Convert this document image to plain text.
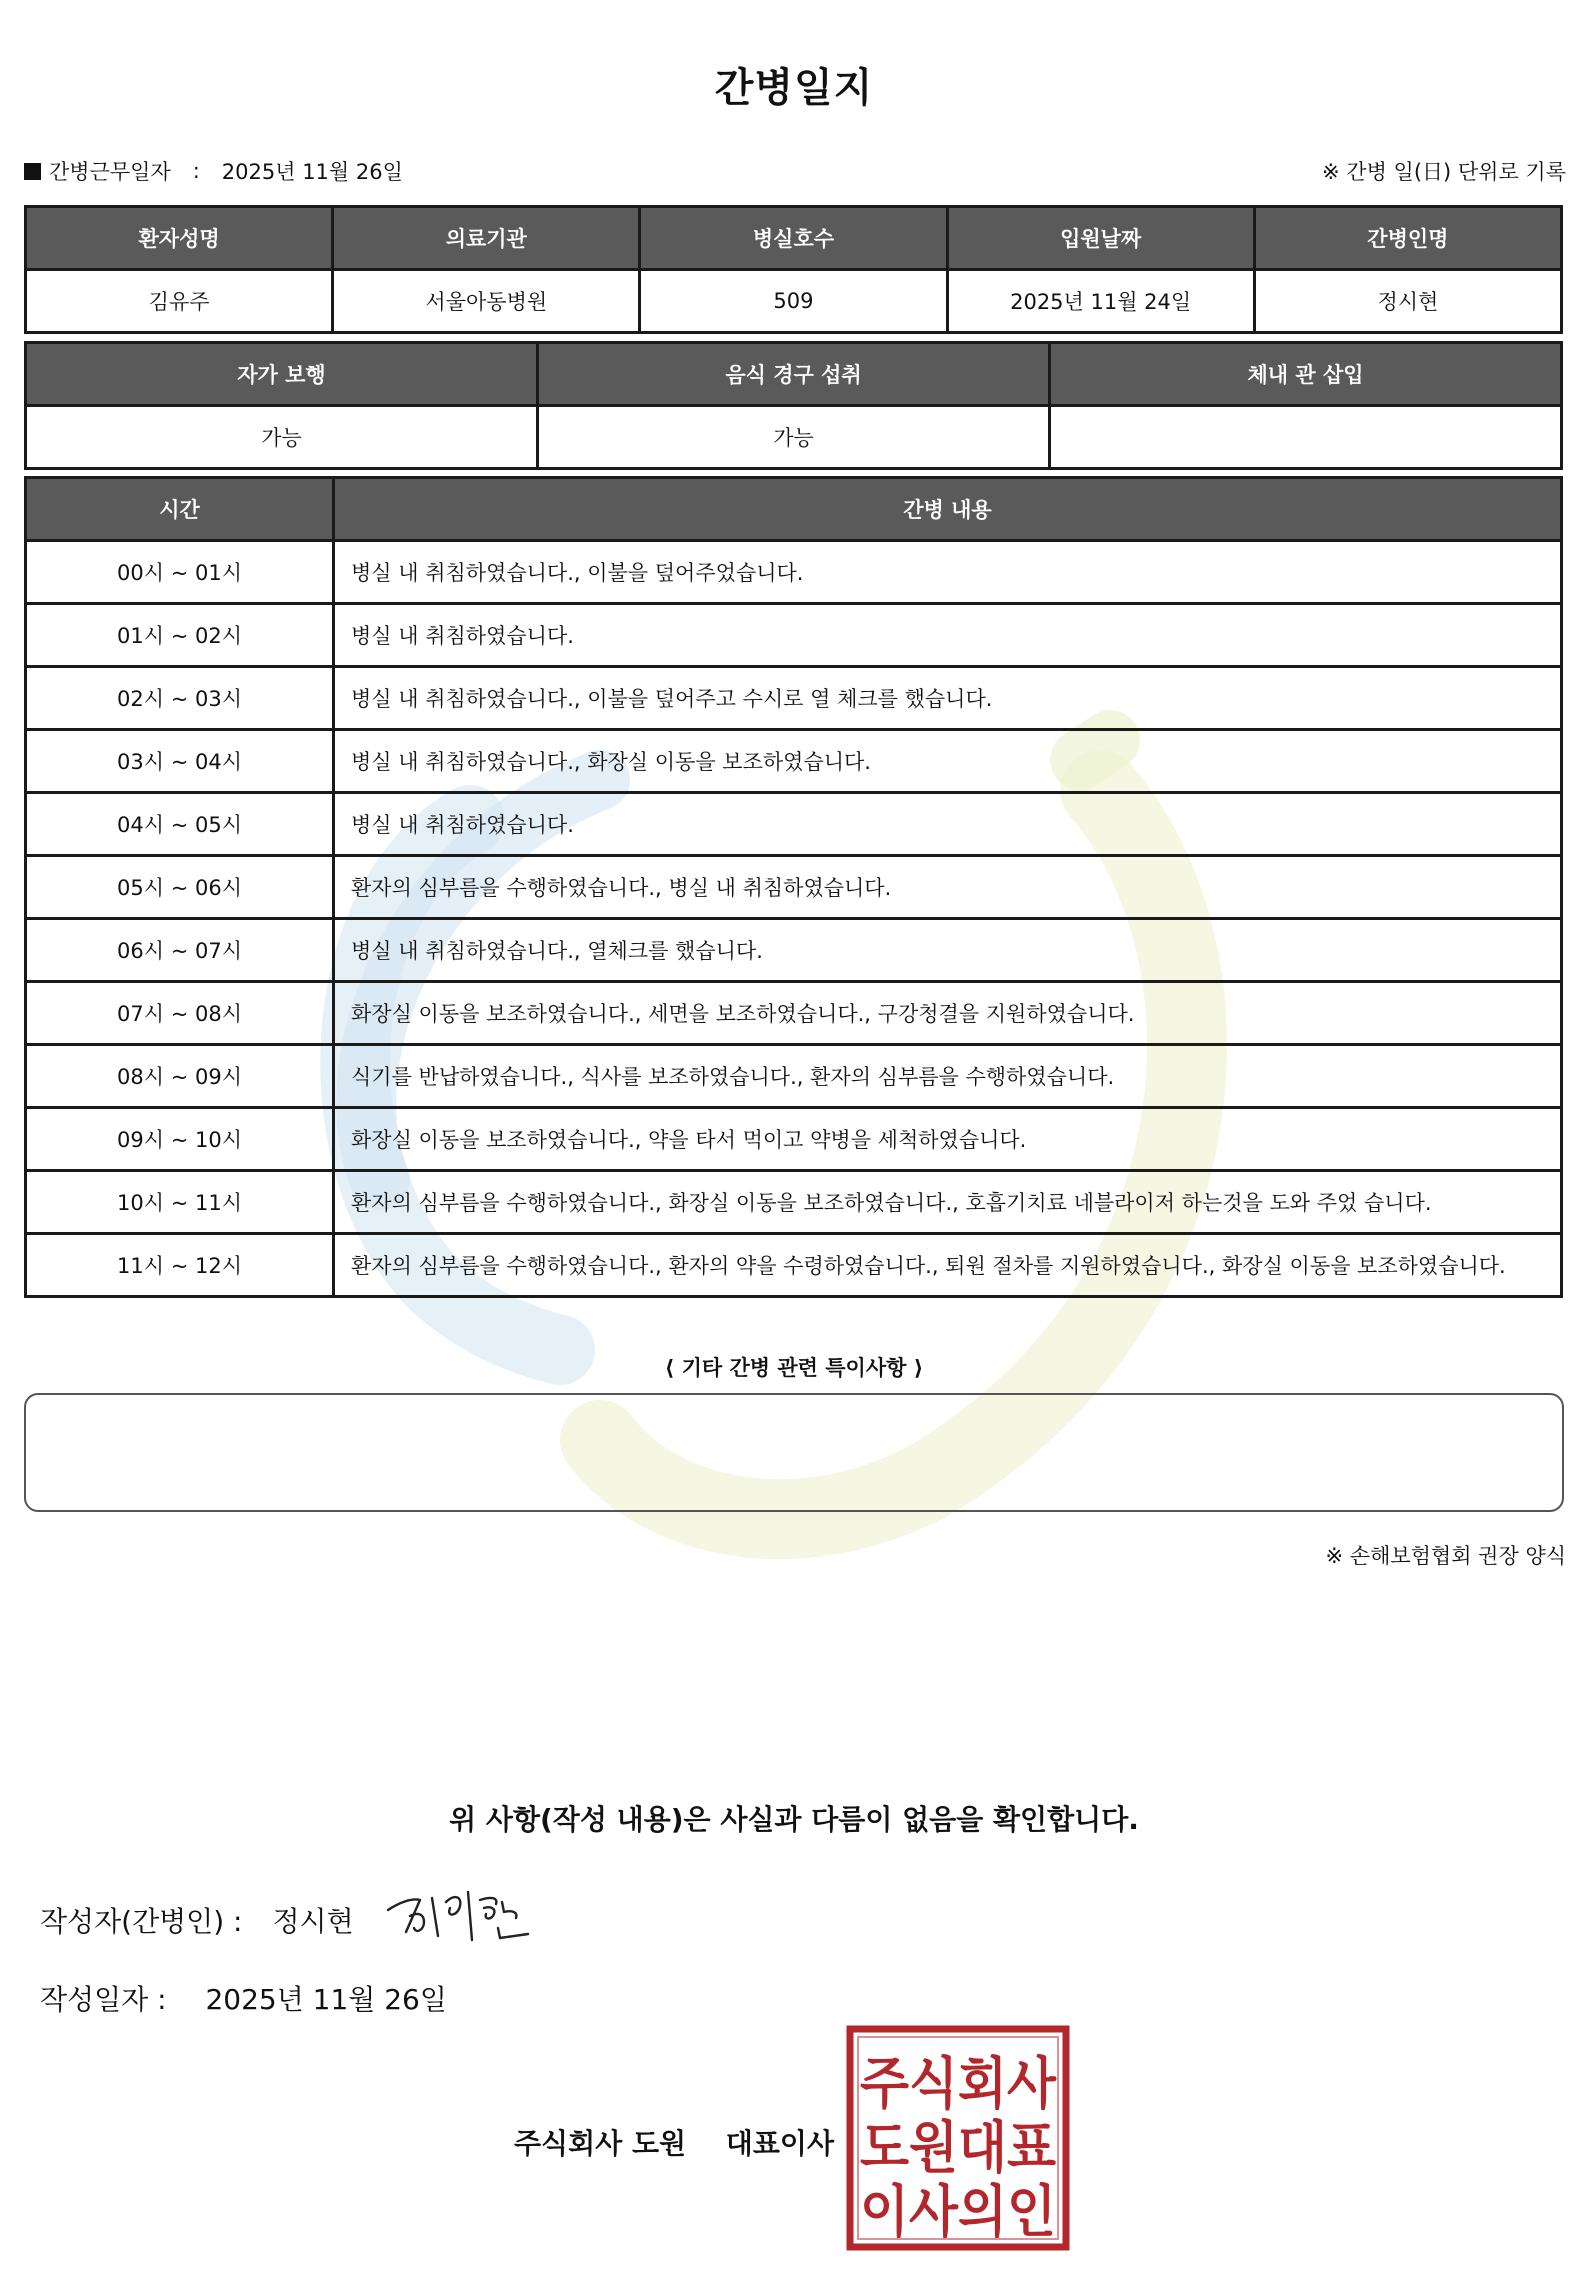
간병일지
간병근무일자 : 2025년 11월 26일	※ 간병 일(日) 단위로 기록
환자성명	의료기관	병실호수	입원날짜	간병인명
김유주	서울아동병원	509	2025년 11월 24일	정시현
자가 보행	음식 경구 섭취	체내 관 삽입
가능	가능	
시간	간병 내용
00시 ~ 01시	병실 내 취침하였습니다., 이불을 덮어주었습니다.
01시 ~ 02시	병실 내 취침하였습니다.
02시 ~ 03시	병실 내 취침하였습니다., 이불을 덮어주고 수시로 열 체크를 했습니다.
03시 ~ 04시	병실 내 취침하였습니다., 화장실 이동을 보조하였습니다.
04시 ~ 05시	병실 내 취침하였습니다.
05시 ~ 06시	환자의 심부름을 수행하였습니다., 병실 내 취침하였습니다.
06시 ~ 07시	병실 내 취침하였습니다., 열체크를 했습니다.
07시 ~ 08시	화장실 이동을 보조하였습니다., 세면을 보조하였습니다., 구강청결을 지원하였습니다.
08시 ~ 09시	식기를 반납하였습니다., 식사를 보조하였습니다., 환자의 심부름을 수행하였습니다.
09시 ~ 10시	화장실 이동을 보조하였습니다., 약을 타서 먹이고 약병을 세척하였습니다.
10시 ~ 11시	환자의 심부름을 수행하였습니다., 화장실 이동을 보조하였습니다., 호흡기치료 네블라이저 하는것을 도와 주었 습니다.
11시 ~ 12시	환자의 심부름을 수행하였습니다., 환자의 약을 수령하였습니다., 퇴원 절차를 지원하였습니다., 화장실 이동을 보조하였습니다.
⟨ 기타 간병 관련 특이사항 ⟩
※ 손해보험협회 권장 양식
위 사항(작성 내용)은 사실과 다름이 없음을 확인합니다.
작성자(간병인) : 정시현
작성일자 : 2025년 11월 26일
주식회사 도원 대표이사
주식회사
도원대표
이사의인
